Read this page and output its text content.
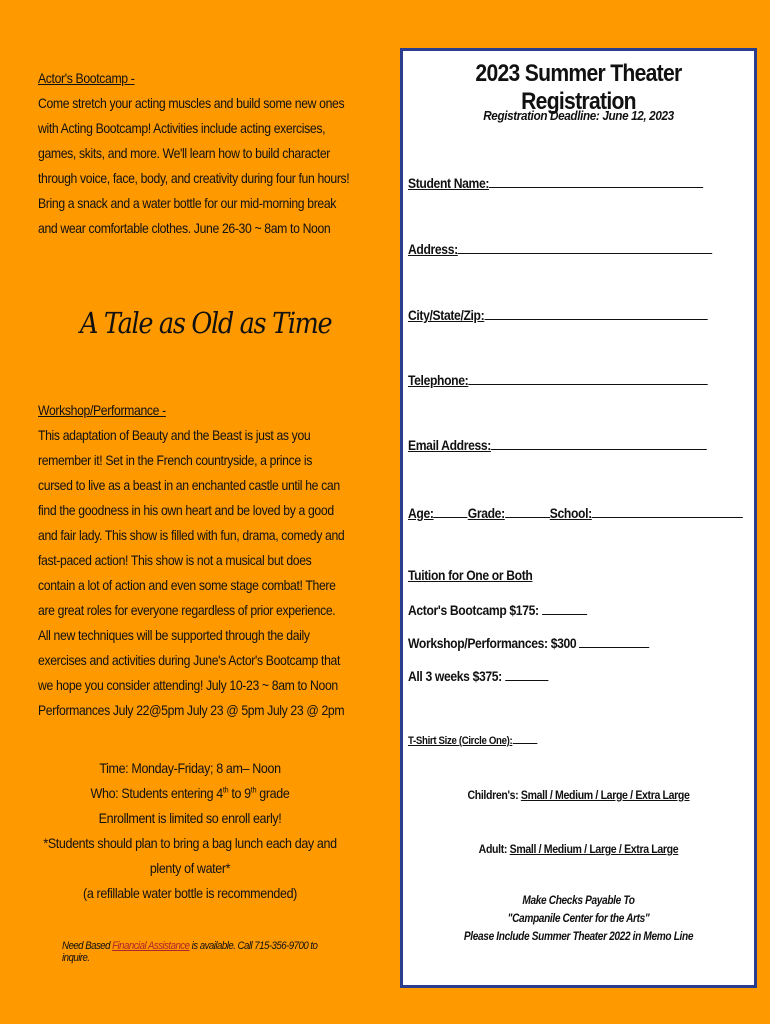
Actor's Bootcamp -
Come stretch your acting muscles and build some new ones with Acting Bootcamp! Activities include acting exercises, games, skits, and more. We'll learn how to build character through voice, face, body, and creativity during four fun hours! Bring a snack and a water bottle for our mid-morning break and wear comfortable clothes. June 26-30 ~ 8am to Noon
A Tale as Old as Time
Workshop/Performance -
This adaptation of Beauty and the Beast is just as you remember it! Set in the French countryside, a prince is cursed to live as a beast in an enchanted castle until he can find the goodness in his own heart and be loved by a good and fair lady. This show is filled with fun, drama, comedy and fast-paced action! This show is not a musical but does contain a lot of action and even some stage combat! There are great roles for everyone regardless of prior experience. All new techniques will be supported through the daily exercises and activities during June's Actor's Bootcamp that we hope you consider attending! July 10-23 ~ 8am to Noon
Performances July 22@5pm July 23 @ 5pm July 23 @ 2pm
Time: Monday-Friday; 8 am– Noon
Who: Students entering 4th to 9th grade
Enrollment is limited so enroll early!
*Students should plan to bring a bag lunch each day and plenty of water*
(a refillable water bottle is recommended)
Need Based Financial Assistance is available. Call 715-356-9700 to inquire.
2023 Summer Theater Registration
Registration Deadline: June 12, 2023
Student Name:
Address:
City/State/Zip:
Telephone:
Email Address:
Age:	Grade:	School:
Tuition for One or Both
Actor's Bootcamp $175:
Workshop/Performances: $300
All 3 weeks $375:
T-Shirt Size (Circle One):
Children's: Small / Medium / Large / Extra Large
Adult: Small / Medium / Large / Extra Large
Make Checks Payable To
"Campanile Center for the Arts"
Please Include Summer Theater 2022 in Memo Line
